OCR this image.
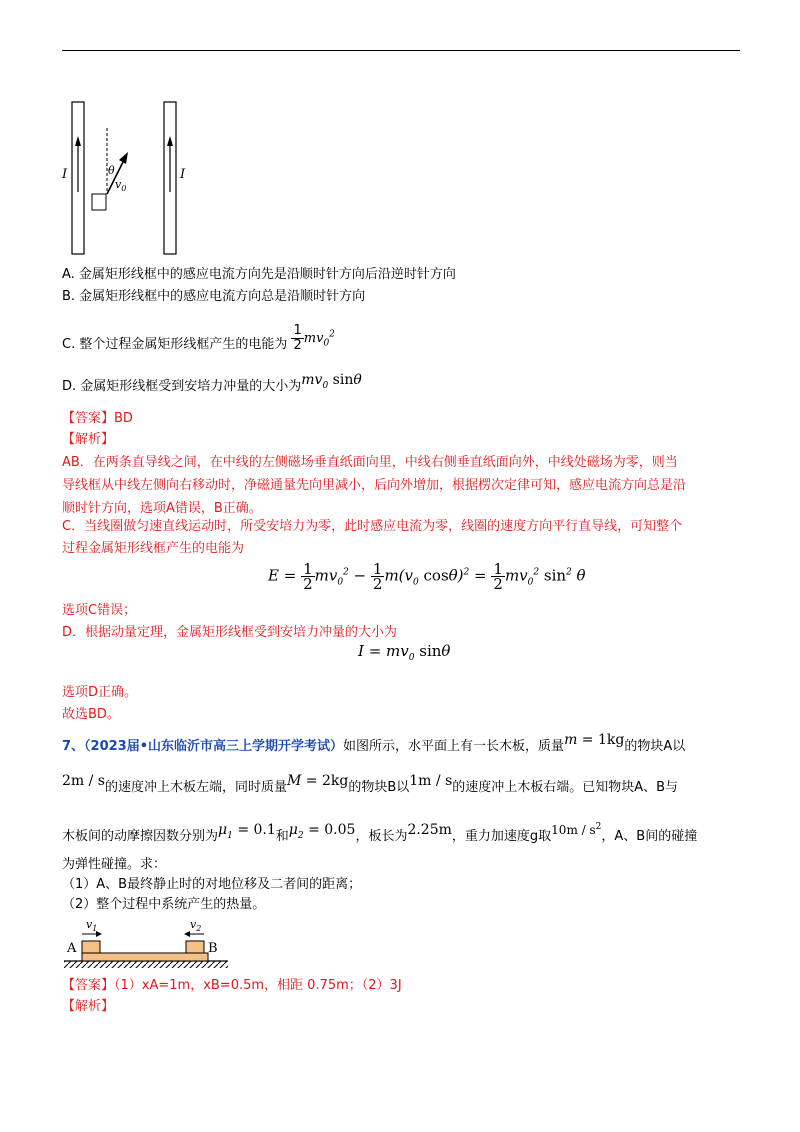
I	I
θ
$v_0$
A. 金属矩形线框中的感应电流方向先是沿顺时针方向后沿逆时针方向
B. 金属矩形线框中的感应电流方向总是沿顺时针方向
C. 整个过程金属矩形线框产生的电能为 $\frac{1}{2} mv_0^2$
D. 金属矩形线框受到安培力冲量的大小为$mv_0$ sinθ
【答案】BD
【解析】
AB．在两条直导线之间，在中线的左侧磁场垂直纸面向里，中线右侧垂直纸面向外，中线处磁场为零，则当
导线框从中线左侧向右移动时，净磁通量先向里减小，后向外增加，根据楞次定律可知，感应电流方向总是沿
顺时针方向，选项A错误，B正确。
C．当线圈做匀速直线运动时，所受安培力为零，此时感应电流为零，线圈的速度方向平行直导线，可知整个
过程金属矩形线框产生的电能为
$E = \frac{1}{2} mv_0^2 - \frac{1}{2} m(v_0$ $\cos\theta)^2 = \frac{1}{2} mv_0^2$ $\sin^2 \theta$
选项C错误；
D．根据动量定理，金属矩形线框受到安培力冲量的大小为
$I = mv_0$ sinθ
选项D正确。
故选BD。
7、（2023届•山东临沂市高三上学期开学考试）如图所示，水平面上有一长木板，质量m = 1kg的物块A以
2m / s的速度冲上木板左端，同时质量M = 2kg的物块B以1m / s的速度冲上木板右端。已知物块A、B与
木板间的动摩擦因数分别为$\mu_1 = 0.1$和$\mu_2 = 0.05$，板长为2.25m，重力加速度g取$10m / s^2$，A、B间的碰撞
为弹性碰撞。求：
（1）A、B最终静止时的对地位移及二者间的距离；
（2）整个过程中系统产生的热量。
A	B
$v_1$	$v_2$
【答案】（1）xA=1m，xB=0.5m，相距 0.75m；（2）3J
【解析】
